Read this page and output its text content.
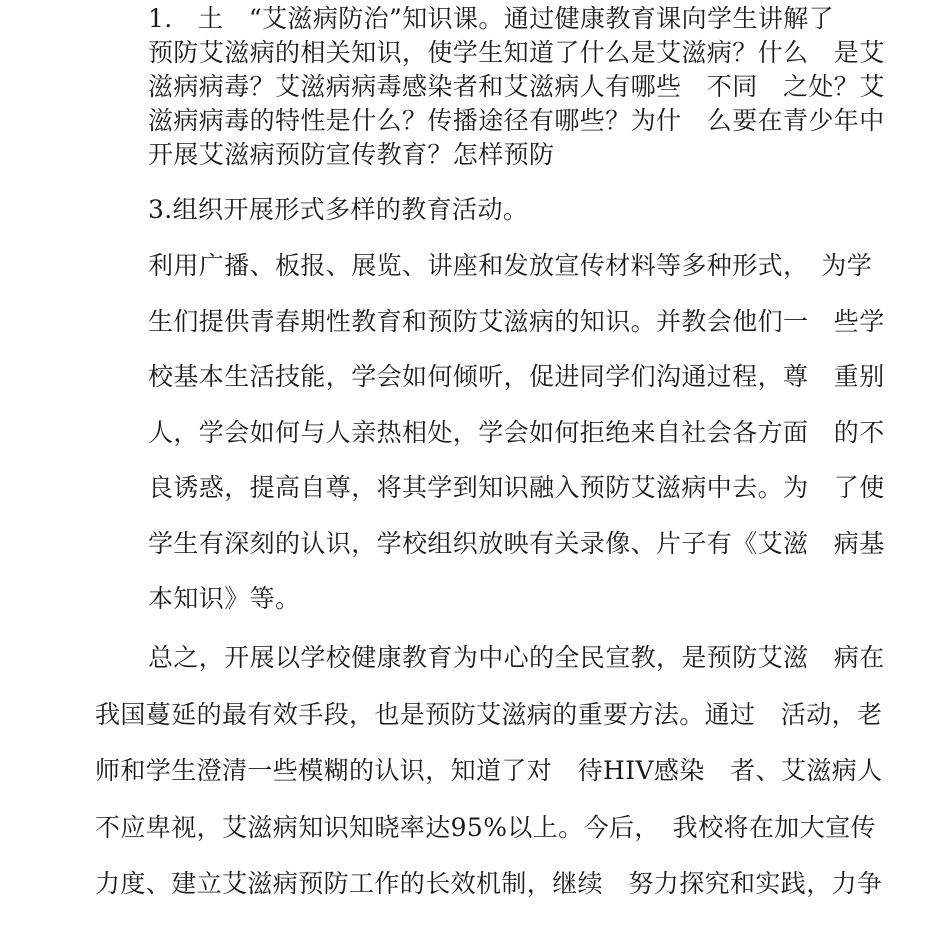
1.　土　“艾滋病防治”知识课。通过健康教育课向学生讲解了
预防艾滋病的相关知识，使学生知道了什么是艾滋病？什么　是艾
滋病病毒？艾滋病病毒感染者和艾滋病人有哪些　不同　之处？艾
滋病病毒的特性是什么？传播途径有哪些？为什　么要在青少年中
开展艾滋病预防宣传教育？怎样预防
3.组织开展形式多样的教育活动。
利用广播、板报、展览、讲座和发放宣传材料等多种形式，　为学
生们提供青春期性教育和预防艾滋病的知识。并教会他们一　些学
校基本生活技能，学会如何倾听，促进同学们沟通过程，尊　重别
人，学会如何与人亲热相处，学会如何拒绝来自社会各方面　的不
良诱惑，提高自尊，将其学到知识融入预防艾滋病中去。为　了使
学生有深刻的认识，学校组织放映有关录像、片子有《艾滋　病基
本知识》等。
总之，开展以学校健康教育为中心的全民宣教，是预防艾滋　病在
我国蔓延的最有效手段，也是预防艾滋病的重要方法。通过　活动，老
师和学生澄清一些模糊的认识，知道了对　待HIV感染　者、艾滋病人
不应卑视，艾滋病知识知晓率达95%以上。今后，　我校将在加大宣传
力度、建立艾滋病预防工作的长效机制，继续　努力探究和实践，力争
